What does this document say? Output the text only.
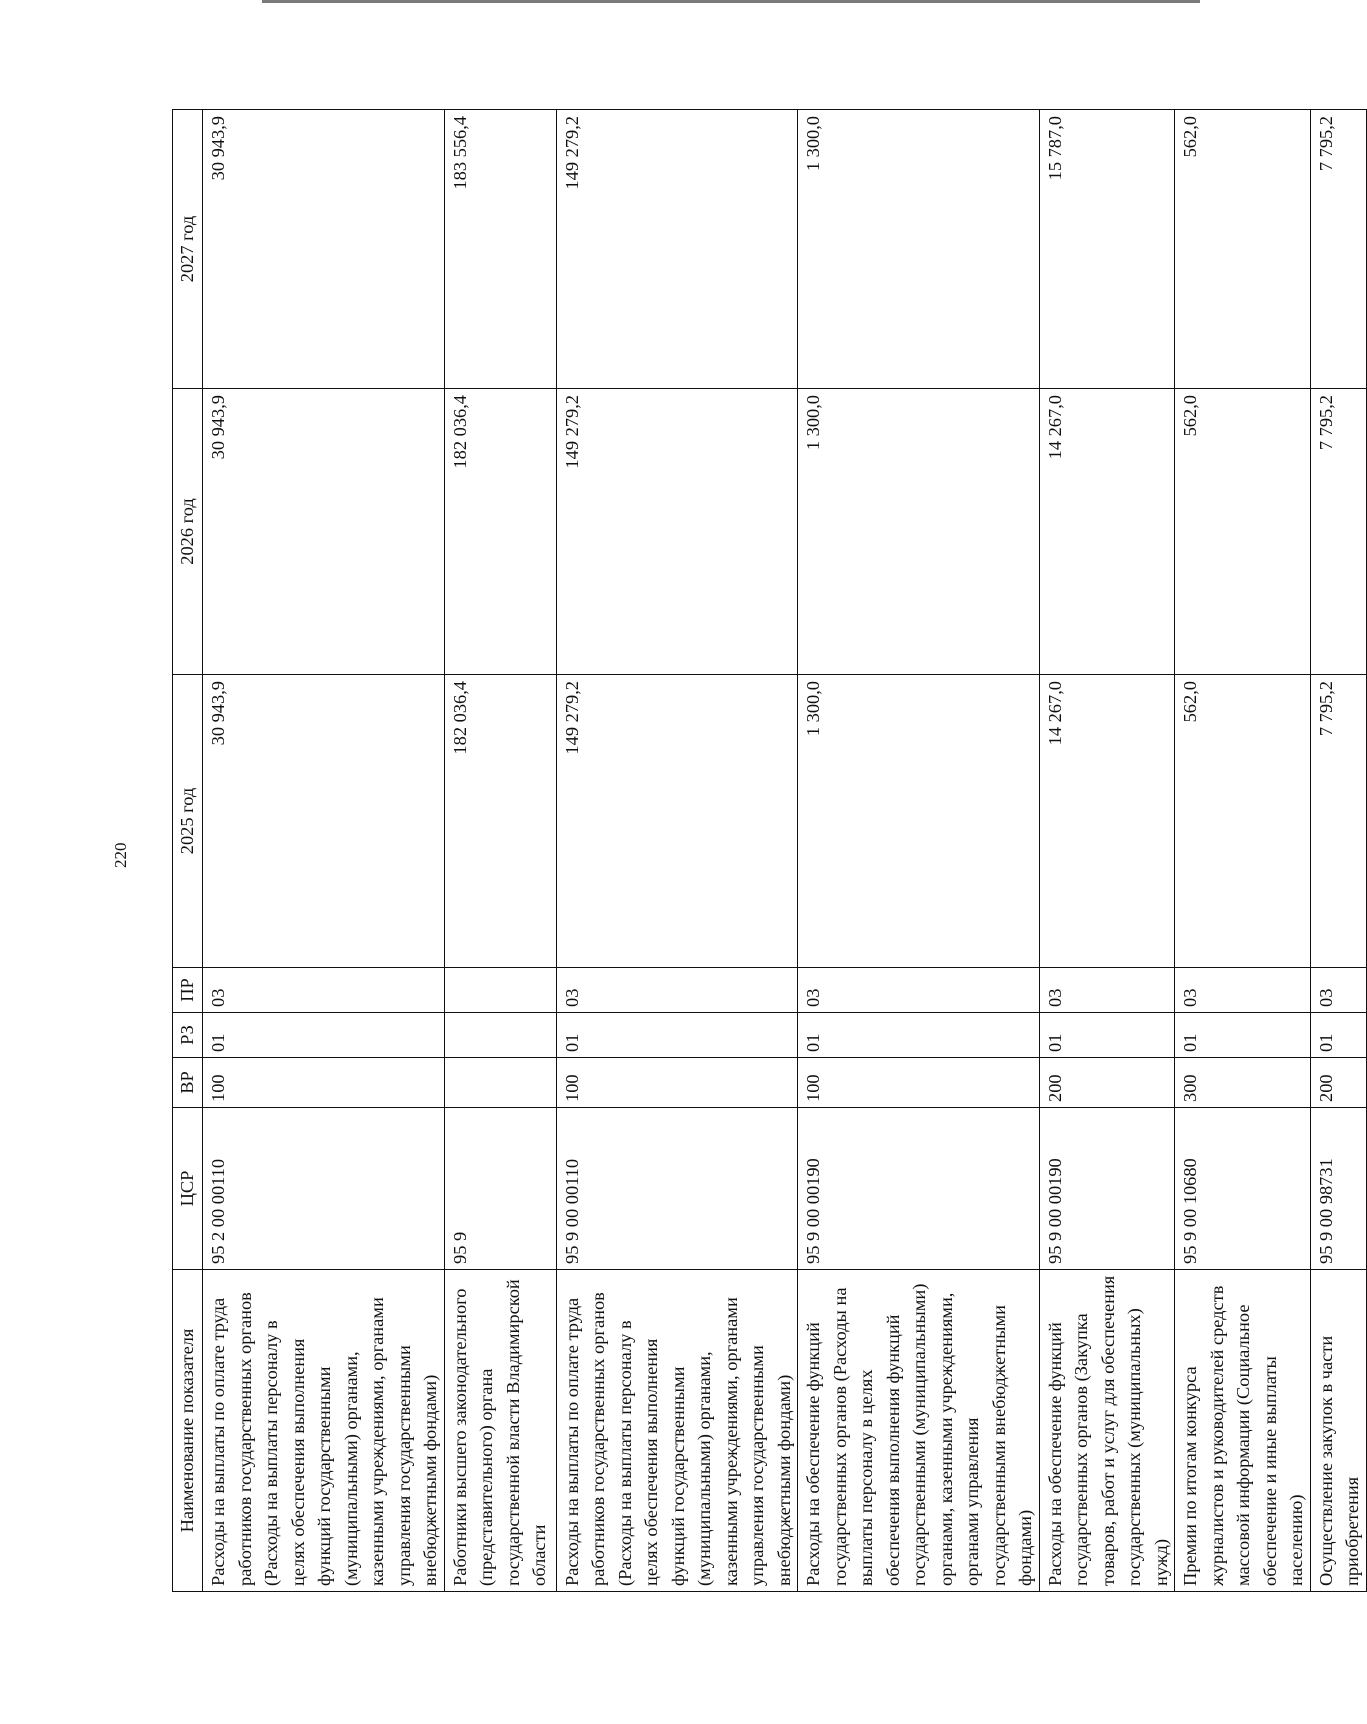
220
Наименование показателя	ЦСР	ВР	РЗ	ПР	2025 год	2026 год	2027 год
Расходы на выплаты по оплате труда работников государственных органов (Расходы на выплаты персоналу в целях обеспечения выполнения функций государственными (муниципальными) органами, казенными учреждениями, органами управления государственными внебюджетными фондами)	95 2 00 00110	100	01	03	30 943,9	30 943,9	30 943,9
Работники высшего законодательного (представительного) органа государственной власти Владимирской области	95 9				182 036,4	182 036,4	183 556,4
Расходы на выплаты по оплате труда работников государственных органов (Расходы на выплаты персоналу в целях обеспечения выполнения функций государственными (муниципальными) органами, казенными учреждениями, органами управления государственными внебюджетными фондами)	95 9 00 00110	100	01	03	149 279,2	149 279,2	149 279,2
Расходы на обеспечение функций государственных органов (Расходы на выплаты персоналу в целях обеспечения выполнения функций государственными (муниципальными) органами, казенными учреждениями, органами управления государственными внебюджетными фондами)	95 9 00 00190	100	01	03	1 300,0	1 300,0	1 300,0
Расходы на обеспечение функций государственных органов (Закупка товаров, работ и услуг для обеспечения государственных (муниципальных) нужд)	95 9 00 00190	200	01	03	14 267,0	14 267,0	15 787,0
Премии по итогам конкурса журналистов и руководителей средств массовой информации (Социальное обеспечение и иные выплаты населению)	95 9 00 10680	300	01	03	562,0	562,0	562,0
Осуществление закупок в части приобретения	95 9 00 98731	200	01	03	7 795,2	7 795,2	7 795,2
